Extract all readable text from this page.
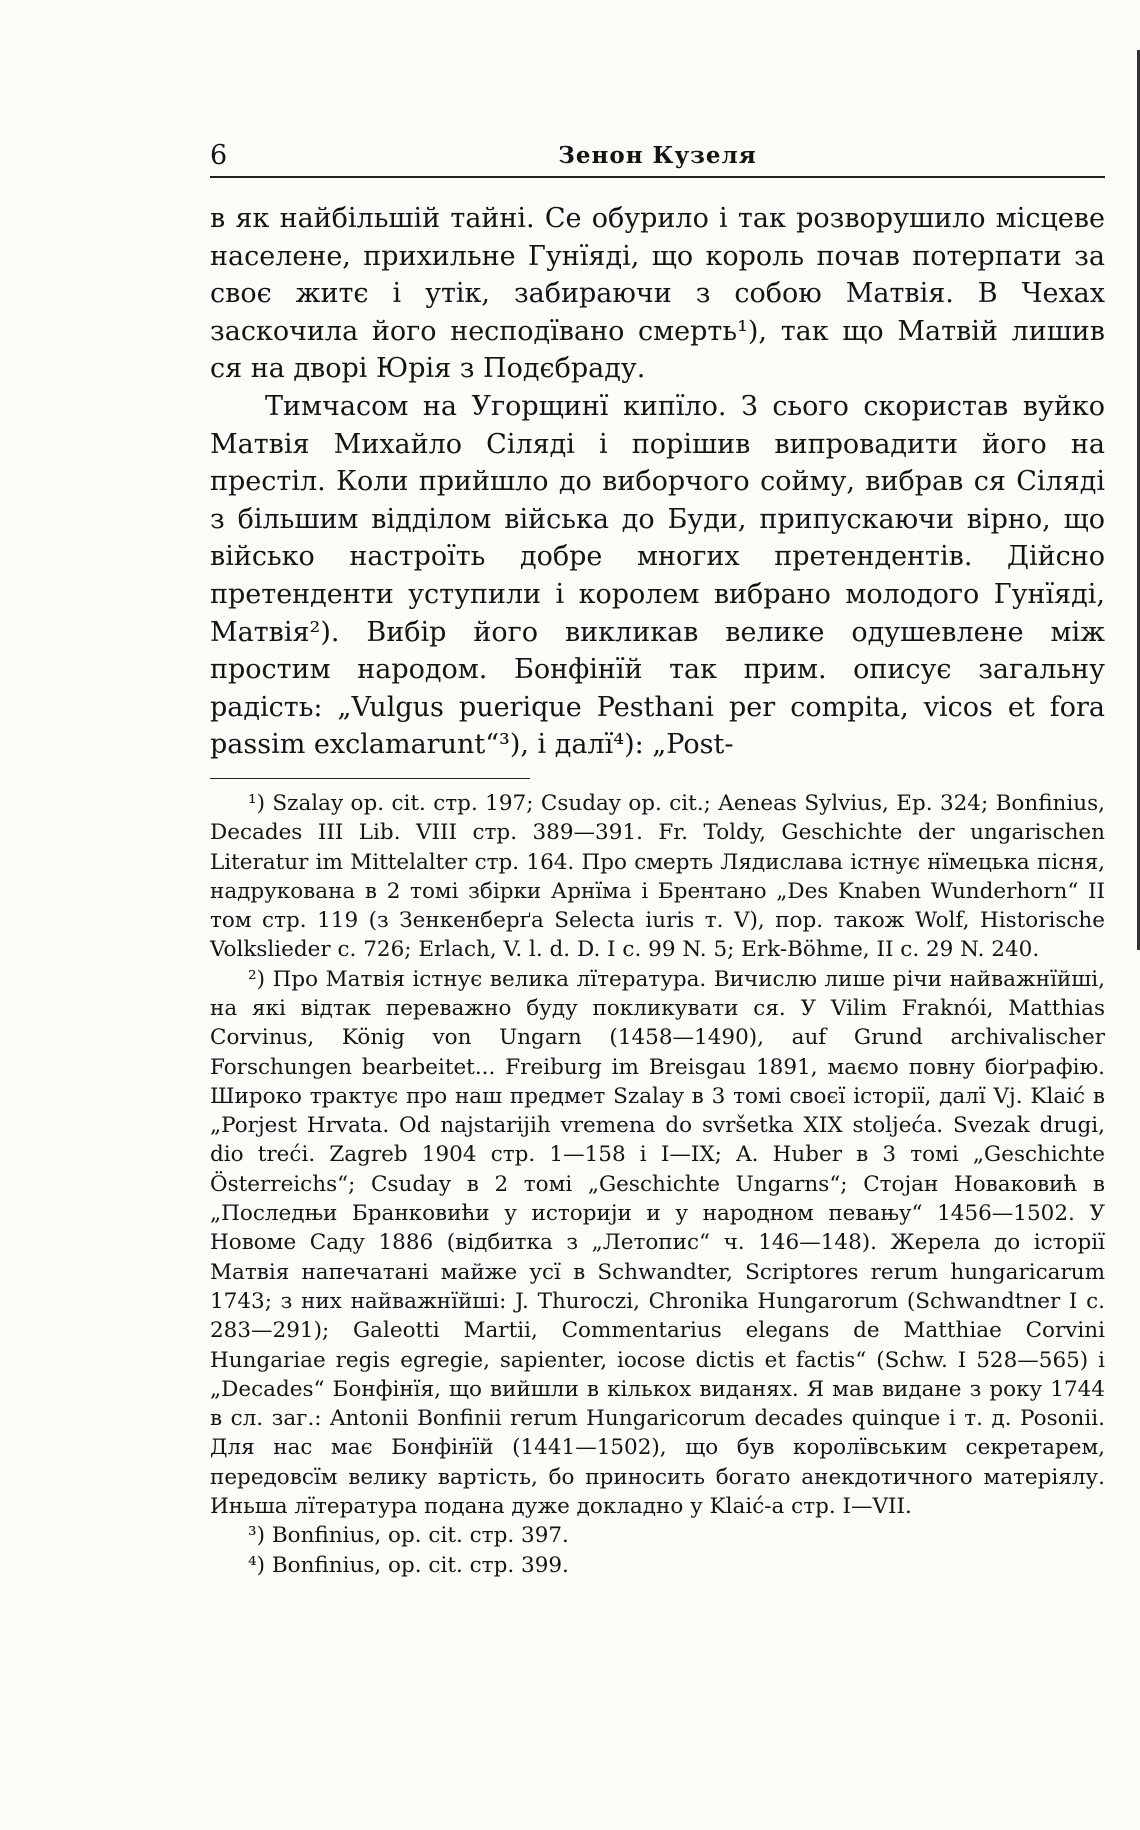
6	Зенон Кузеля

в як найбільшій тайні. Се обурило і так розворушило місцеве населене, прихильне Гунїяді, що король почав потерпати за своє житє і утік, забираючи з собою Матвія. В Чехах заскочила його несподївано смерть¹), так що Матвій лишив ся на дворі Юрія з Подєбраду.

Тимчасом на Угорщинї кипїло. З сього скористав вуйко Матвія Михайло Сіляді і порішив випровадити його на престіл. Коли прийшло до виборчого сойму, вибрав ся Сіляді з більшим відділом війська до Буди, припускаючи вірно, що військо настроїть добре многих претендентів. Дійсно претенденти уступили і королем вибрано молодого Гунїяді, Матвія²). Вибір його викликав велике одушевлене між простим народом. Бонфінїй так прим. описує загальну радість: „Vulgus puerique Pesthani per compita, vicos et fora passim exclamarunt“³), і далї⁴): „Post-

¹) Szalay op. cit. стр. 197; Csuday op. cit.; Aeneas Sylvius, Ep. 324; Bonfinius, Decades III Lib. VIII стр. 389—391. Fr. Toldy, Geschichte der ungarischen Literatur im Mittelalter стр. 164. Про смерть Лядислава істнує нїмецька пісня, надрукована в 2 томі збірки Арнїма і Брентано „Des Knaben Wunderhorn“ II том стр. 119 (з Зенкенберґа Selecta iuris т. V), пор. також Wolf, Historische Volkslieder c. 726; Erlach, V. l. d. D. I c. 99 N. 5; Erk-Böhme, II c. 29 N. 240.

²) Про Матвія істнує велика лїтература. Вичислю лише річи найважнїйші, на які відтак переважно буду покликувати ся. У Vilim Fraknói, Matthias Corvinus, König von Ungarn (1458—1490), auf Grund archivalischer Forschungen bearbeitet... Freiburg im Breisgau 1891, маємо повну біоґрафію. Широко трактує про наш предмет Szalay в 3 томі своєї історії, далї Vj. Klaić в „Porjest Hrvata. Od najstarijih vremena do svršetka XIX stoljeća. Svezak drugi, dio treći. Zagreb 1904 стр. 1—158 і I—IX; A. Huber в 3 томі „Geschichte Österreichs“; Csuday в 2 томі „Geschichte Ungarns“; Стојан Новаковић в „Последњи Бранковићи у историји и у народном певању“ 1456—1502. У Новоме Саду 1886 (відбитка з „Летопис“ ч. 146—148). Жерела до історії Матвія напечатані майже усї в Schwandter, Scriptores rerum hungaricarum 1743; з них найважнїйші: J. Thuroczi, Chronika Hungarorum (Schwandtner I c. 283—291); Galeotti Martii, Commentarius elegans de Matthiae Corvini Hungariae regis egregie, sapienter, iocose dictis et factis“ (Schw. I 528—565) і „Decades“ Бонфінїя, що вийшли в кількох виданях. Я мав видане з року 1744 в сл. заг.: Antonii Bonfinii rerum Hungaricorum decades quinque і т. д. Posonii. Для нас має Бонфінїй (1441—1502), що був королївським секретарем, передовсїм велику вартість, бо приносить богато анекдотичного матеріялу. Иньша лїтература подана дуже докладно у Klaić-a стр. I—VII.

³) Bonfinius, op. cit. стр. 397.

⁴) Bonfinius, op. cit. стр. 399.
